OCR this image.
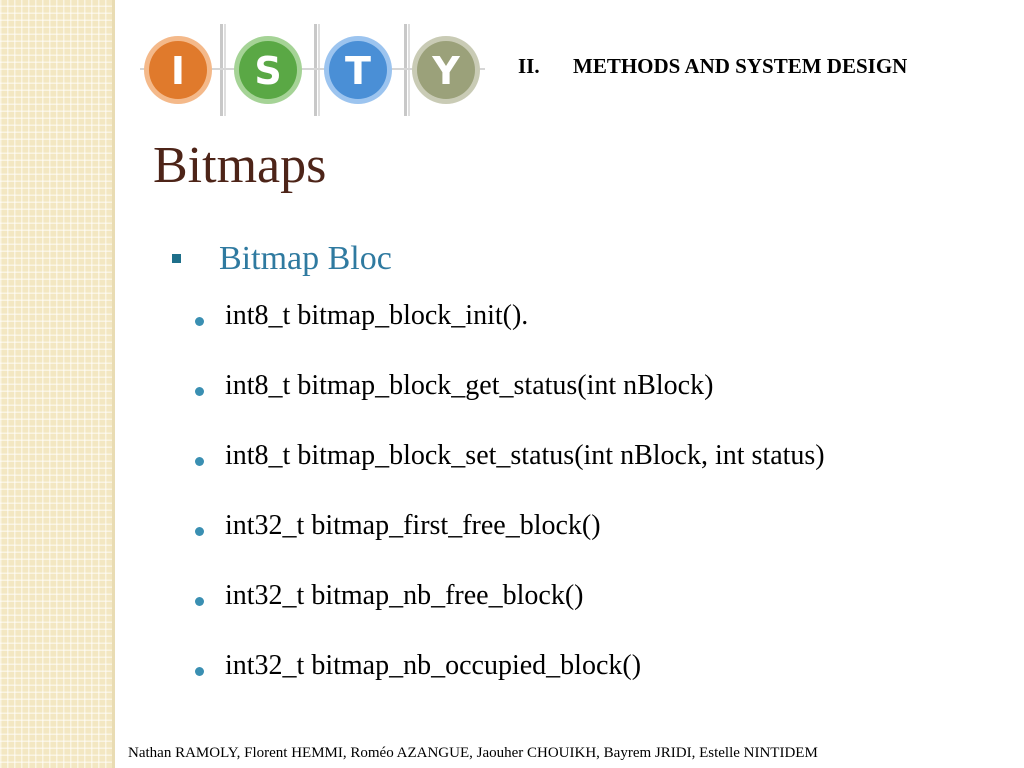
I S T Y	II. METHODS AND SYSTEM DESIGN
Bitmaps
Bitmap Bloc
int8_t bitmap_block_init().
int8_t bitmap_block_get_status(int nBlock)
int8_t bitmap_block_set_status(int nBlock, int status)
int32_t bitmap_first_free_block()
int32_t bitmap_nb_free_block()
int32_t bitmap_nb_occupied_block()
Nathan RAMOLY, Florent HEMMI, Roméo AZANGUE, Jaouher CHOUIKH, Bayrem JRIDI, Estelle NINTIDEM
